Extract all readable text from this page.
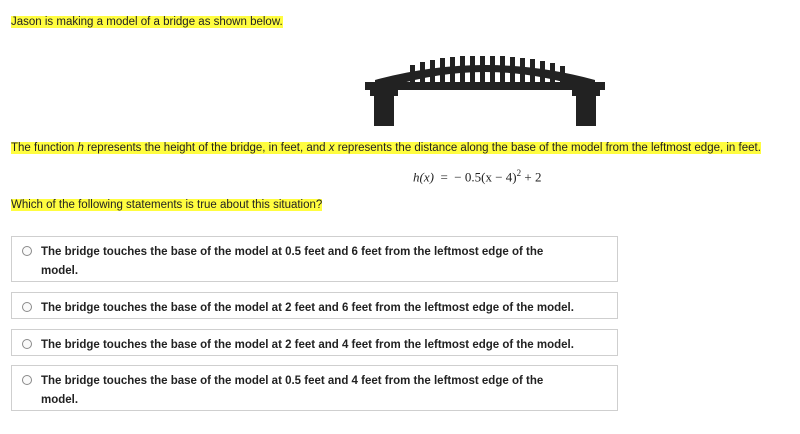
Jason is making a model of a bridge as shown below.
The function h represents the height of the bridge, in feet, and x represents the distance along the base of the model from the leftmost edge, in feet.
h(x) = − $0.5(x - 4)^2 + 2$
Which of the following statements is true about this situation?
The bridge touches the base of the model at 0.5 feet and 6 feet from the leftmost edge of the model.
The bridge touches the base of the model at 2 feet and 6 feet from the leftmost edge of the model.
The bridge touches the base of the model at 2 feet and 4 feet from the leftmost edge of the model.
The bridge touches the base of the model at 0.5 feet and 4 feet from the leftmost edge of the model.
